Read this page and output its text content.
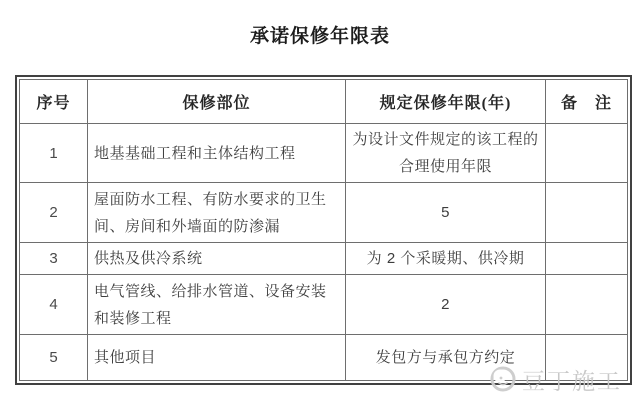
承诺保修年限表
序号	保修部位	规定保修年限(年)	备　注
1	地基基础工程和主体结构工程	为设计文件规定的该工程的合理使用年限	
2	屋面防水工程、有防水要求的卫生间、房间和外墙面的防渗漏	5	
3	供热及供冷系统	为 2 个采暖期、供冷期	
4	电气管线、给排水管道、设备安装和装修工程	2	
5	其他项目	发包方与承包方约定	
豆丁施工
